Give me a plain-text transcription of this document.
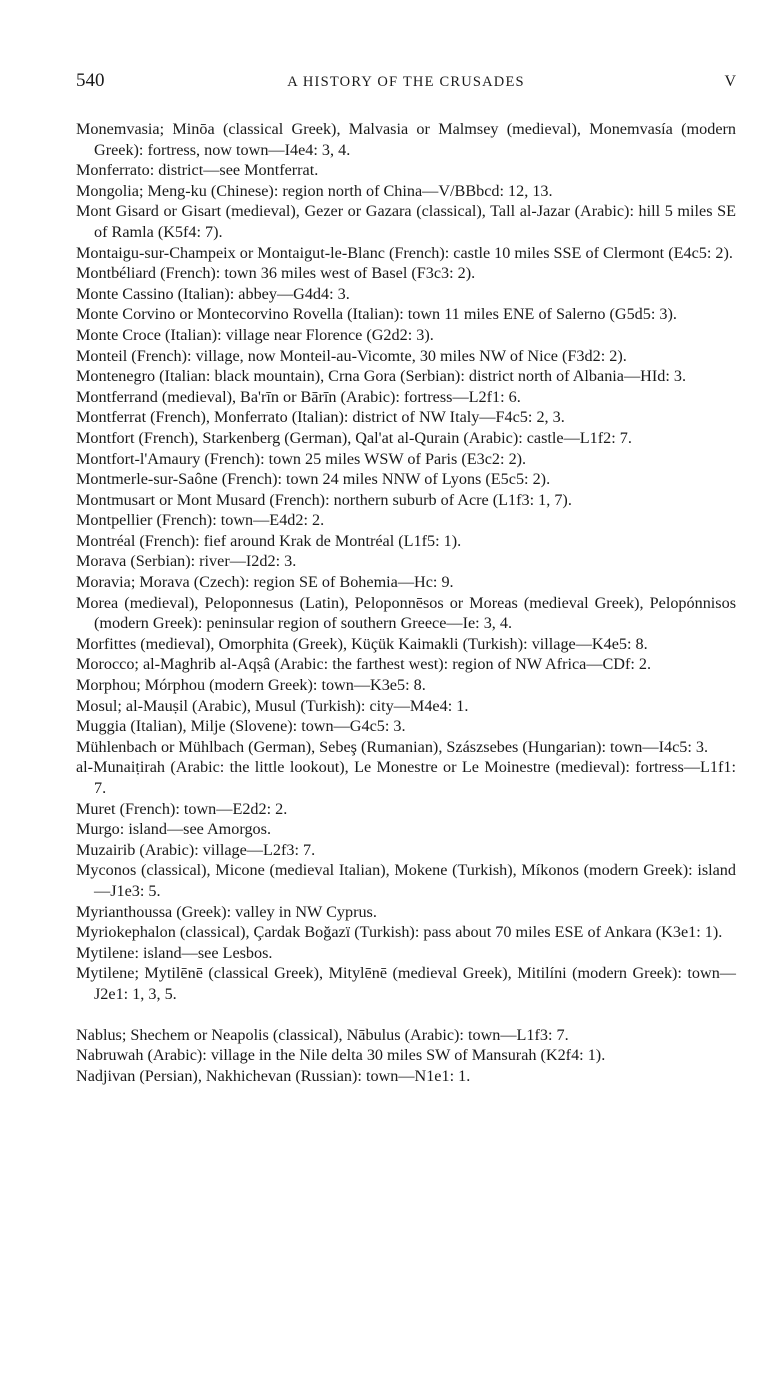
540	A HISTORY OF THE CRUSADES	V

Monemvasia; Minōa (classical Greek), Malvasia or Malmsey (medieval), Monemvasía (modern Greek): fortress, now town—I4e4: 3, 4.

Monferrato: district—see Montferrat.

Mongolia; Meng-ku (Chinese): region north of China—V/BBbcd: 12, 13.

Mont Gisard or Gisart (medieval), Gezer or Gazara (classical), Tall al-Jazar (Arabic): hill 5 miles SE of Ramla (K5f4: 7).

Montaigu-sur-Champeix or Montaigut-le-Blanc (French): castle 10 miles SSE of Clermont (E4c5: 2).

Montbéliard (French): town 36 miles west of Basel (F3c3: 2).

Monte Cassino (Italian): abbey—G4d4: 3.

Monte Corvino or Montecorvino Rovella (Italian): town 11 miles ENE of Salerno (G5d5: 3).

Monte Croce (Italian): village near Florence (G2d2: 3).

Monteil (French): village, now Monteil-au-Vicomte, 30 miles NW of Nice (F3d2: 2).

Montenegro (Italian: black mountain), Crna Gora (Serbian): district north of Albania—HId: 3.

Montferrand (medieval), Ba'rīn or Bārīn (Arabic): fortress—L2f1: 6.

Montferrat (French), Monferrato (Italian): district of NW Italy—F4c5: 2, 3.

Montfort (French), Starkenberg (German), Qal'at al-Qurain (Arabic): castle—L1f2: 7.

Montfort-l'Amaury (French): town 25 miles WSW of Paris (E3c2: 2).

Montmerle-sur-Saône (French): town 24 miles NNW of Lyons (E5c5: 2).

Montmusart or Mont Musard (French): northern suburb of Acre (L1f3: 1, 7).

Montpellier (French): town—E4d2: 2.

Montréal (French): fief around Krak de Montréal (L1f5: 1).

Morava (Serbian): river—I2d2: 3.

Moravia; Morava (Czech): region SE of Bohemia—Hc: 9.

Morea (medieval), Peloponnesus (Latin), Peloponnēsos or Moreas (medieval Greek), Pelopónnisos (modern Greek): peninsular region of southern Greece—Ie: 3, 4.

Morfittes (medieval), Omorphita (Greek), Küçük Kaimakli (Turkish): village—K4e5: 8.

Morocco; al-Maghrib al-Aqṣâ (Arabic: the farthest west): region of NW Africa—CDf: 2.

Morphou; Mórphou (modern Greek): town—K3e5: 8.

Mosul; al-Mauṣil (Arabic), Musul (Turkish): city—M4e4: 1.

Muggia (Italian), Milje (Slovene): town—G4c5: 3.

Mühlenbach or Mühlbach (German), Sebeş (Rumanian), Szászsebes (Hungarian): town—I4c5: 3.

al-Munaiṭirah (Arabic: the little lookout), Le Monestre or Le Moinestre (medieval): fortress—L1f1: 7.

Muret (French): town—E2d2: 2.

Murgo: island—see Amorgos.

Muzairib (Arabic): village—L2f3: 7.

Myconos (classical), Micone (medieval Italian), Mokene (Turkish), Míkonos (modern Greek): island—J1e3: 5.

Myrianthoussa (Greek): valley in NW Cyprus.

Myriokephalon (classical), Çardak Boğazï (Turkish): pass about 70 miles ESE of Ankara (K3e1: 1).

Mytilene: island—see Lesbos.

Mytilene; Mytilēnē (classical Greek), Mitylēnē (medieval Greek), Mitilíni (modern Greek): town—J2e1: 1, 3, 5.

Nablus; Shechem or Neapolis (classical), Nābulus (Arabic): town—L1f3: 7.

Nabruwah (Arabic): village in the Nile delta 30 miles SW of Mansurah (K2f4: 1).

Nadjivan (Persian), Nakhichevan (Russian): town—N1e1: 1.
